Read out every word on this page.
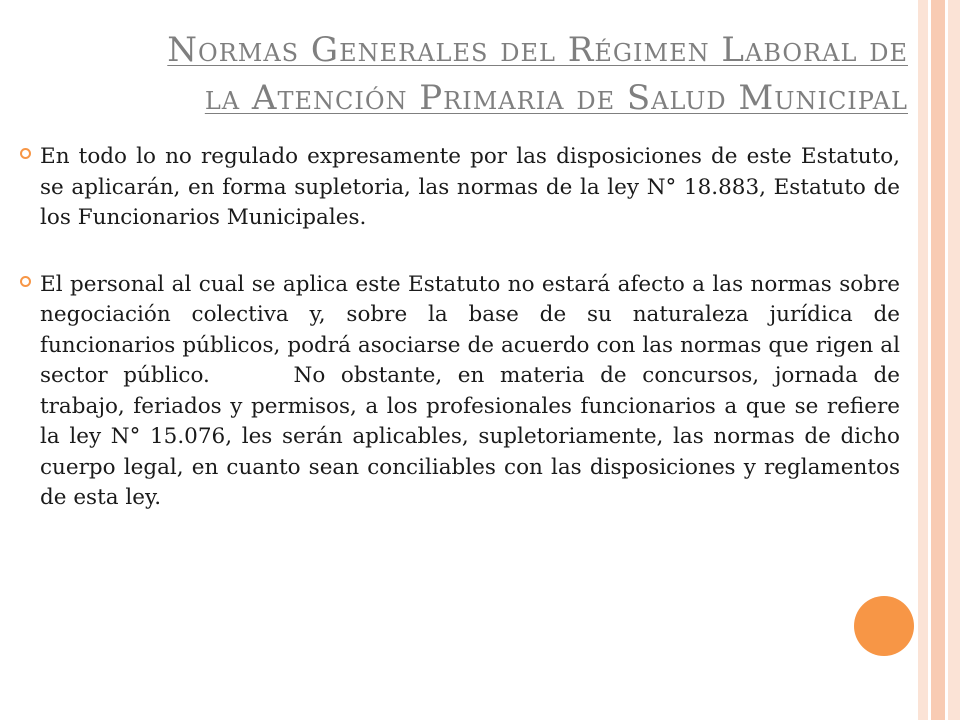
Normas Generales del Régimen Laboral de
la Atención Primaria de Salud Municipal

En todo lo no regulado expresamente por las disposiciones de este Estatuto, se aplicarán, en forma supletoria, las normas de la ley N° 18.883, Estatuto de los Funcionarios Municipales.

El personal al cual se aplica este Estatuto no estará afecto a las normas sobre negociación colectiva y, sobre la base de su naturaleza jurídica de funcionarios públicos, podrá asociarse de acuerdo con las normas que rigen al sector público.	No obstante, en materia de concursos, jornada de trabajo, feriados y permisos, a los profesionales funcionarios a que se refiere la ley N° 15.076, les serán aplicables, supletoriamente, las normas de dicho cuerpo legal, en cuanto sean conciliables con las disposiciones y reglamentos de esta ley.
